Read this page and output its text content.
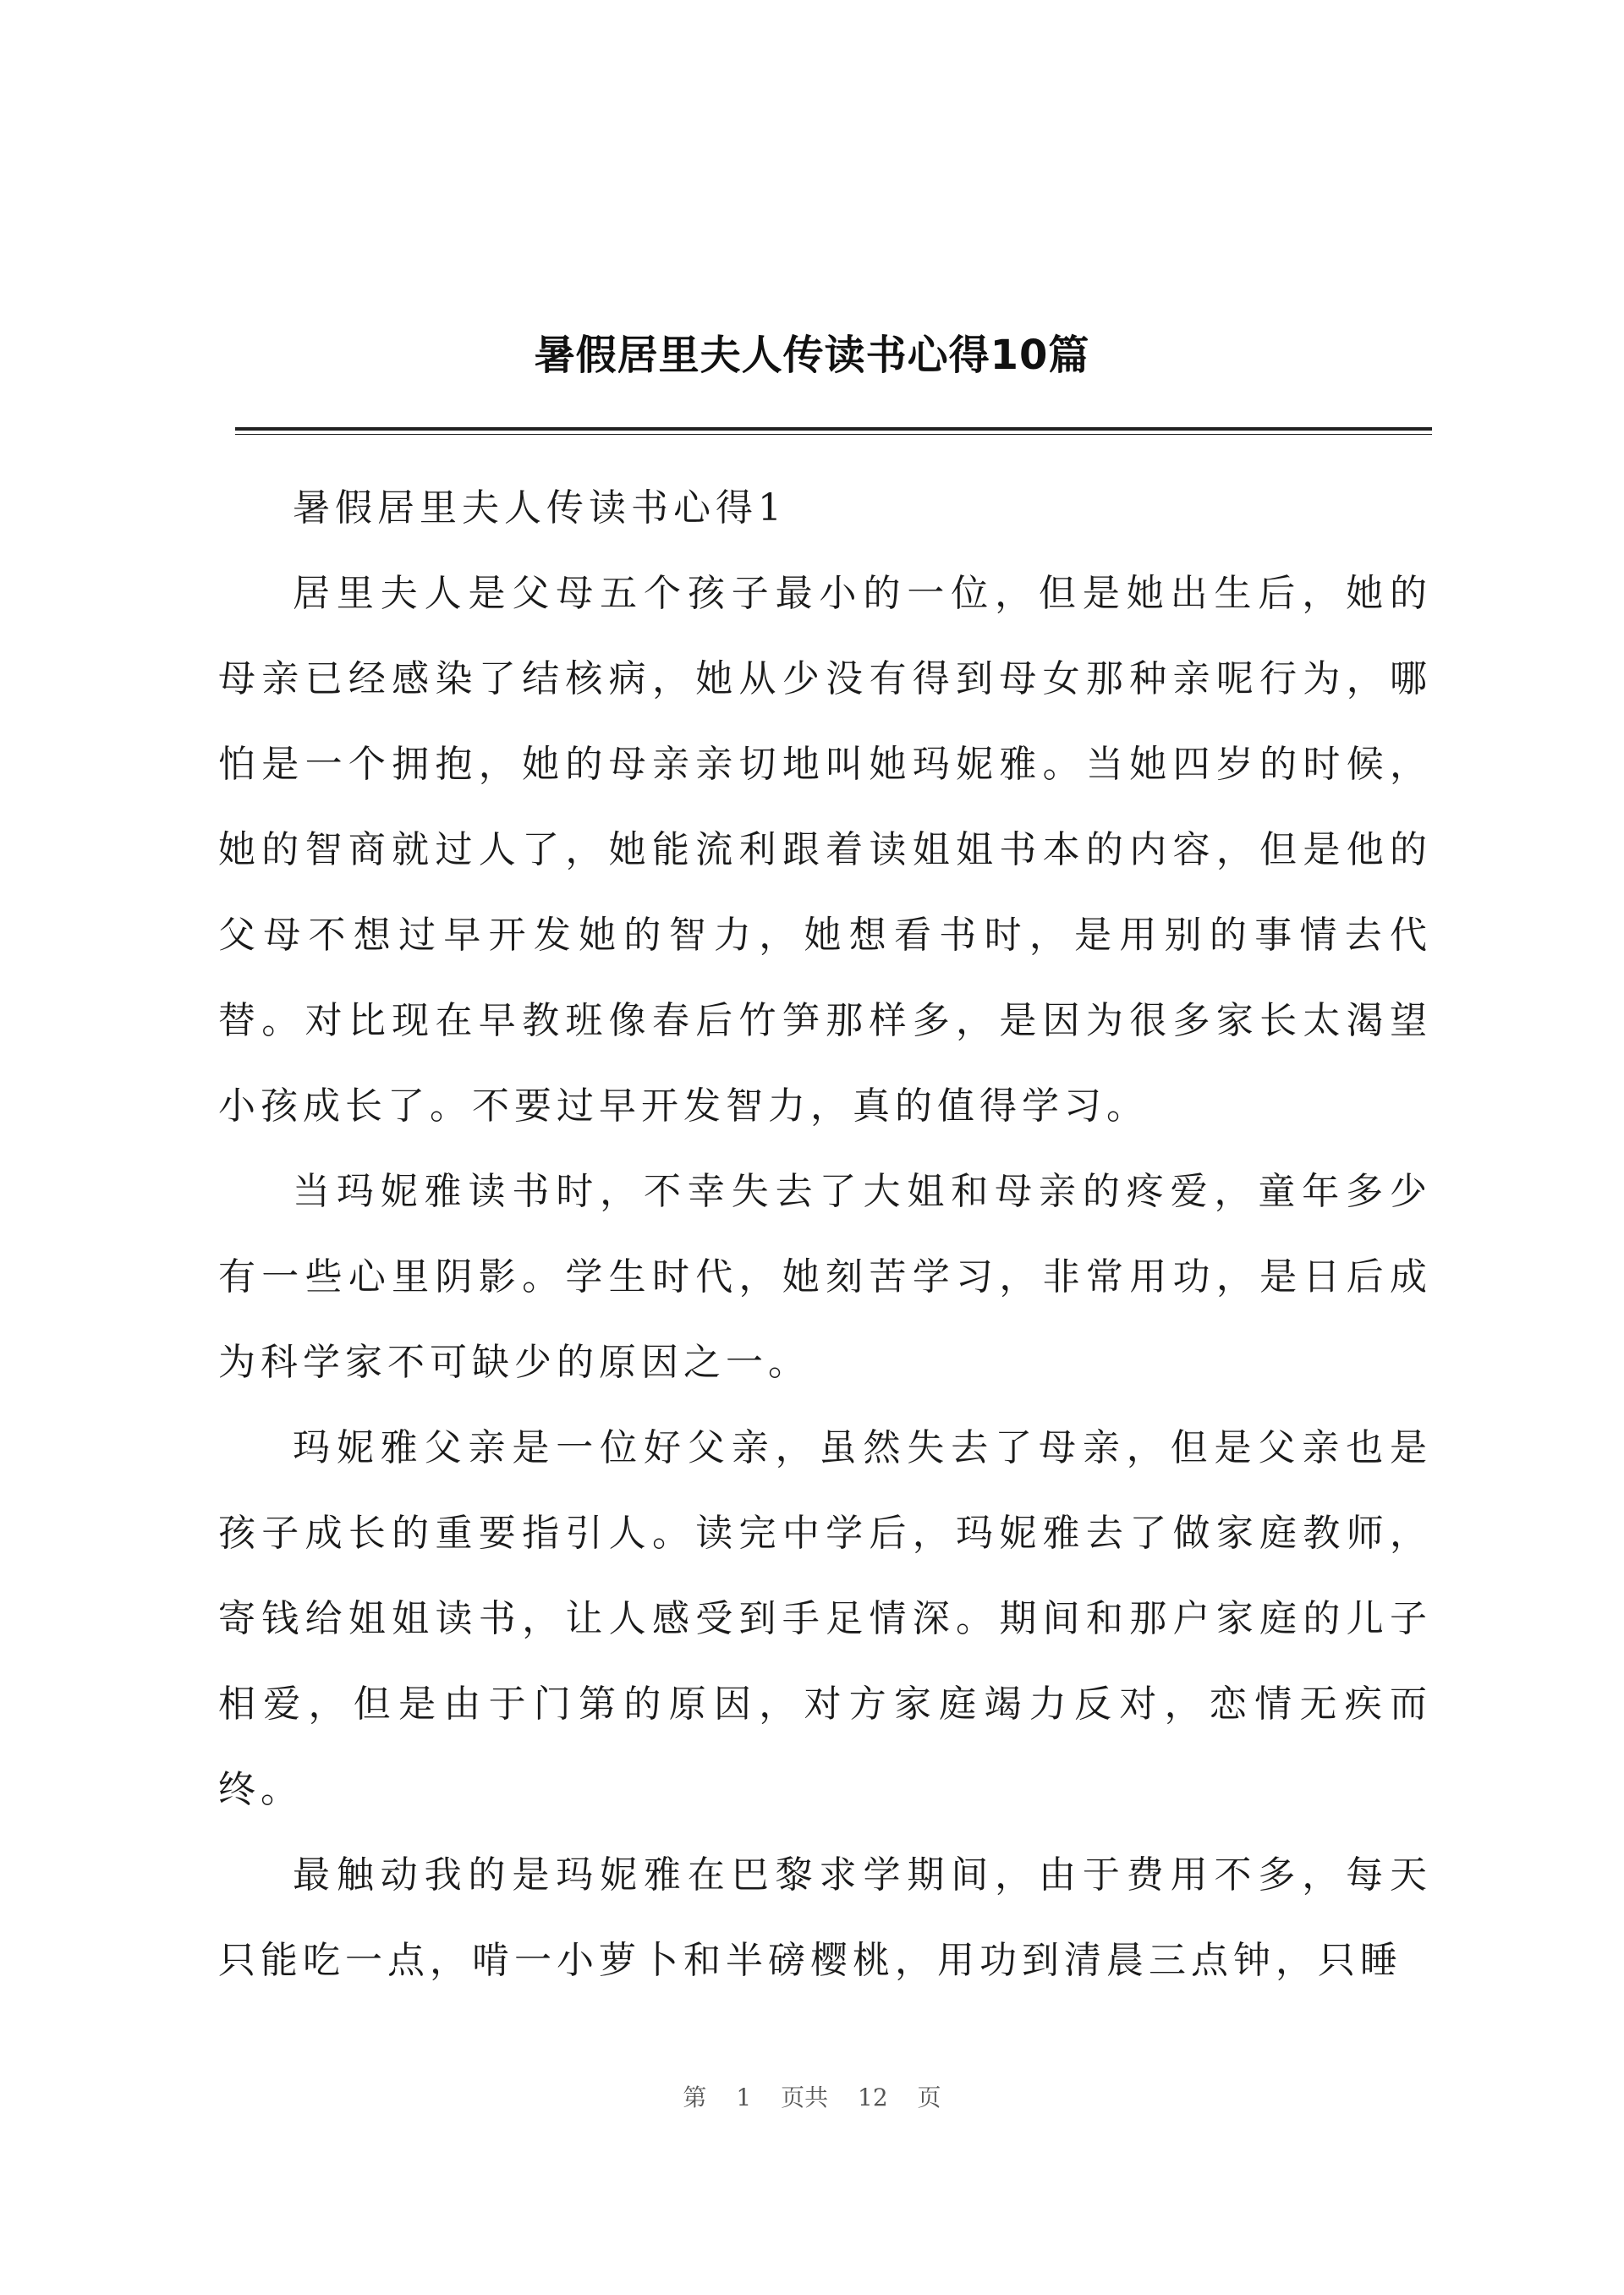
暑假居里夫人传读书心得10篇

暑假居里夫人传读书心得1

居里夫人是父母五个孩子最小的一位，但是她出生后，她的母亲已经感染了结核病，她从少没有得到母女那种亲呢行为，哪怕是一个拥抱，她的母亲亲切地叫她玛妮雅。当她四岁的时候，她的智商就过人了，她能流利跟着读姐姐书本的内容，但是他的父母不想过早开发她的智力，她想看书时，是用别的事情去代替。对比现在早教班像春后竹笋那样多，是因为很多家长太渴望小孩成长了。不要过早开发智力，真的值得学习。

当玛妮雅读书时，不幸失去了大姐和母亲的疼爱，童年多少有一些心里阴影。学生时代，她刻苦学习，非常用功，是日后成为科学家不可缺少的原因之一。

玛妮雅父亲是一位好父亲，虽然失去了母亲，但是父亲也是孩子成长的重要指引人。读完中学后，玛妮雅去了做家庭教师，寄钱给姐姐读书，让人感受到手足情深。期间和那户家庭的儿子相爱，但是由于门第的原因，对方家庭竭力反对，恋情无疾而终。

最触动我的是玛妮雅在巴黎求学期间，由于费用不多，每天只能吃一点，啃一小萝卜和半磅樱桃，用功到清晨三点钟，只睡

第 1 页共 12 页
